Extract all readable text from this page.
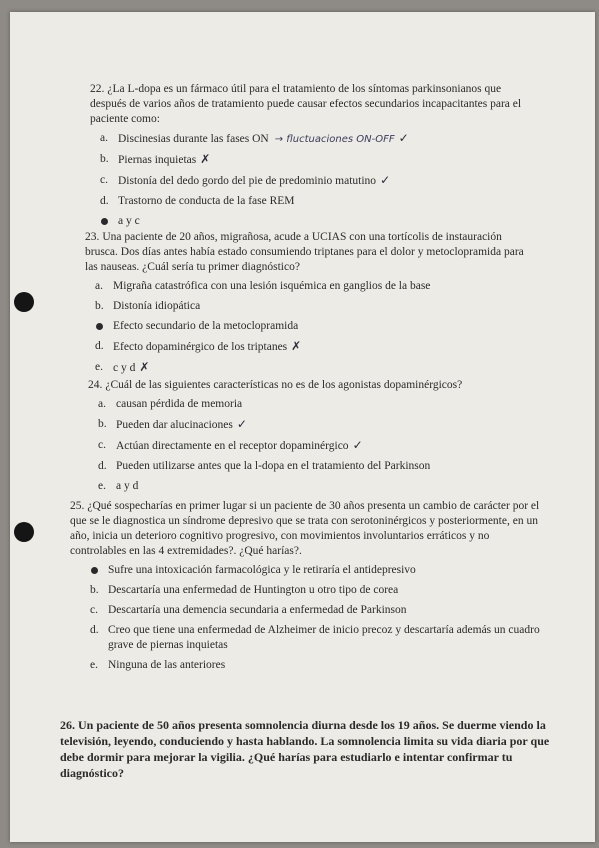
22. ¿La L-dopa es un fármaco útil para el tratamiento de los síntomas parkinsonianos que después de varios años de tratamiento puede causar efectos secundarios incapacitantes para el paciente como:

a. Discinesias durante las fases ON → fluctuaciones ON-OFF ✓
b. Piernas inquietas ✗
c. Distonía del dedo gordo del pie de predominio matutino ✓
d. Trastorno de conducta de la fase REM
a y c

23. Una paciente de 20 años, migrañosa, acude a UCIAS con una tortícolis de instauración brusca. Dos días antes había estado consumiendo triptanes para el dolor y metoclopramida para las nauseas. ¿Cuál sería tu primer diagnóstico?

a. Migraña catastrófica con una lesión isquémica en ganglios de la base
b. Distonía idiopática
Efecto secundario de la metoclopramida
d. Efecto dopaminérgico de los triptanes ✗
e. c y d ✗

24. ¿Cuál de las siguientes características no es de los agonistas dopaminérgicos?

a. causan pérdida de memoria
b. Pueden dar alucinaciones ✓
c. Actúan directamente en el receptor dopaminérgico ✓
d. Pueden utilizarse antes que la l-dopa en el tratamiento del Parkinson
e. a y d

25. ¿Qué sospecharías en primer lugar si un paciente de 30 años presenta un cambio de carácter por el que se le diagnostica un síndrome depresivo que se trata con serotoninérgicos y posteriormente, en un año, inicia un deterioro cognitivo progresivo, con movimientos involuntarios erráticos y no controlables en las 4 extremidades?. ¿Qué harías?.

Sufre una intoxicación farmacológica y le retiraría el antidepresivo
b. Descartaría una enfermedad de Huntington u otro tipo de corea
c. Descartaría una demencia secundaria a enfermedad de Parkinson
d. Creo que tiene una enfermedad de Alzheimer de inicio precoz y descartaría además un cuadro grave de piernas inquietas
e. Ninguna de las anteriores

26. Un paciente de 50 años presenta somnolencia diurna desde los 19 años. Se duerme viendo la televisión, leyendo, conduciendo y hasta hablando. La somnolencia limita su vida diaria por que debe dormir para mejorar la vigilia. ¿Qué harías para estudiarlo e intentar confirmar tu diagnóstico?
